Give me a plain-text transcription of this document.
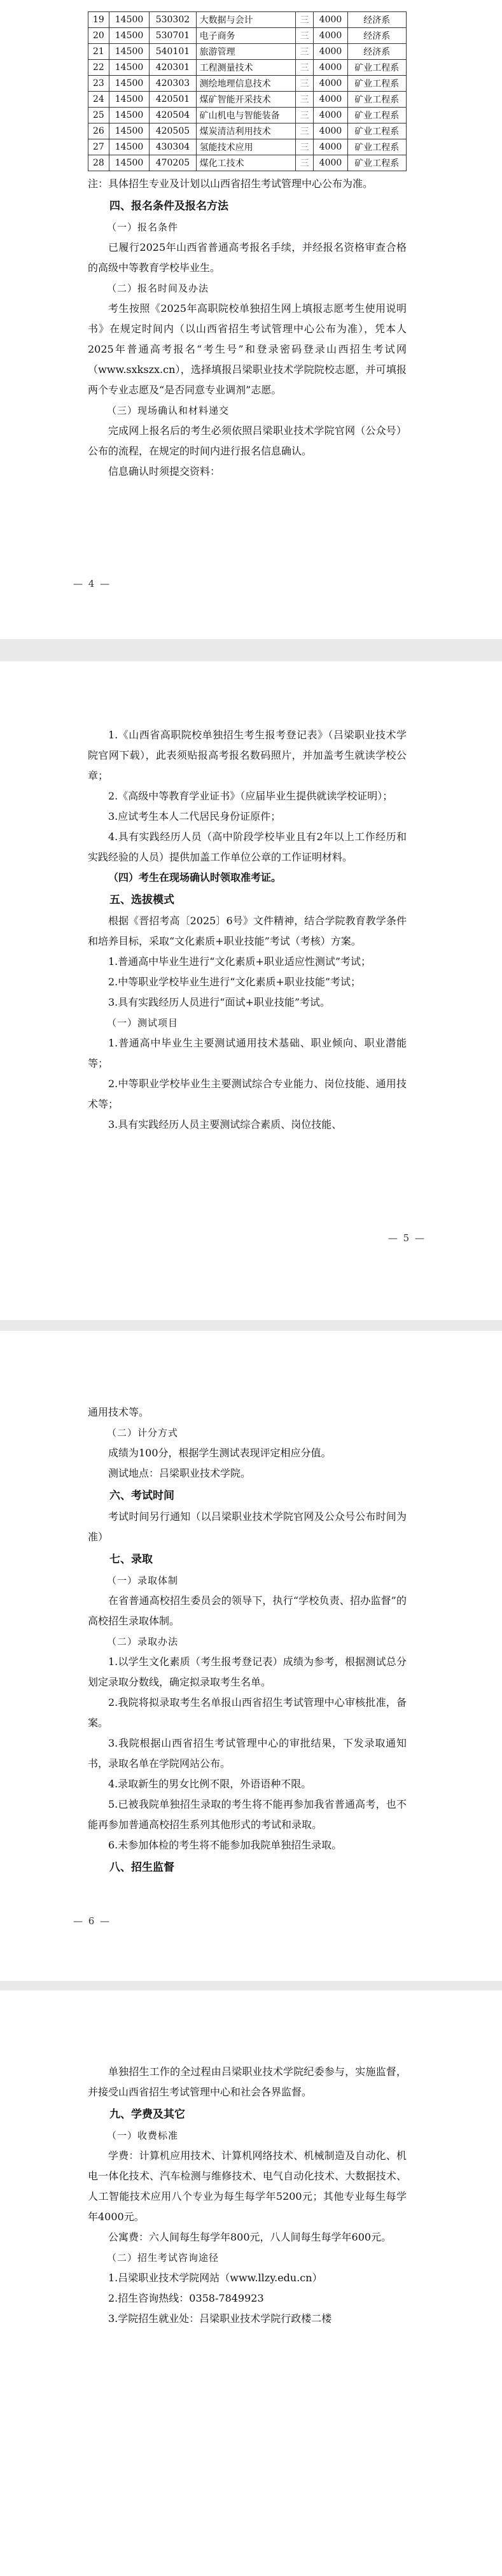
19	14500	530302	大数据与会计	三	4000	经济系
20	14500	530701	电子商务	三	4000	经济系
21	14500	540101	旅游管理	三	4000	经济系
22	14500	420301	工程测量技术	三	4000	矿业工程系
23	14500	420303	测绘地理信息技术	三	4000	矿业工程系
24	14500	420501	煤矿智能开采技术	三	4000	矿业工程系
25	14500	420504	矿山机电与智能装备	三	4000	矿业工程系
26	14500	420505	煤炭清洁利用技术	三	4000	矿业工程系
27	14500	430304	氢能技术应用	三	4000	矿业工程系
28	14500	470205	煤化工技术	三	4000	矿业工程系

注：具体招生专业及计划以山西省招生考试管理中心公布为准。

四、报名条件及报名方法

（一）报名条件

已履行2025年山西省普通高考报名手续，并经报名资格审查合格的高级中等教育学校毕业生。

（二）报名时间及办法

考生按照《2025年高职院校单独招生网上填报志愿考生使用说明书》在规定时间内（以山西省招生考试管理中心公布为准），凭本人2025年普通高考报名“考生号”和登录密码登录山西招生考试网（www.sxkszx.cn），选择填报吕梁职业技术学院院校志愿，并可填报两个专业志愿及“是否同意专业调剂”志愿。

（三）现场确认和材料递交

完成网上报名后的考生必须依照吕梁职业技术学院官网（公众号）公布的流程，在规定的时间内进行报名信息确认。

信息确认时须提交资料：

— 4 —

1.《山西省高职院校单独招生考生报考登记表》（吕梁职业技术学院官网下载），此表须贴报高考报名数码照片，并加盖考生就读学校公章；

2.《高级中等教育学业证书》（应届毕业生提供就读学校证明）；

3.应试考生本人二代居民身份证原件；

4.具有实践经历人员（高中阶段学校毕业且有2年以上工作经历和实践经验的人员）提供加盖工作单位公章的工作证明材料。

（四）考生在现场确认时领取准考证。

五、选拔模式

根据《晋招考高〔2025〕6号》文件精神，结合学院教育教学条件和培养目标，采取“文化素质+职业技能”考试（考核）方案。

1.普通高中毕业生进行“文化素质+职业适应性测试”考试；

2.中等职业学校毕业生进行“文化素质+职业技能”考试；

3.具有实践经历人员进行“面试+职业技能”考试。

（一）测试项目

1.普通高中毕业生主要测试通用技术基础、职业倾向、职业潜能等；

2.中等职业学校毕业生主要测试综合专业能力、岗位技能、通用技术等；

3.具有实践经历人员主要测试综合素质、岗位技能、

— 5 —

通用技术等。

（二）计分方式

成绩为100分，根据学生测试表现评定相应分值。

测试地点：吕梁职业技术学院。

六、考试时间

考试时间另行通知（以吕梁职业技术学院官网及公众号公布时间为准）

七、录取

（一）录取体制

在省普通高校招生委员会的领导下，执行“学校负责、招办监督”的高校招生录取体制。

（二）录取办法

1.以学生文化素质（考生报考登记表）成绩为参考，根据测试总分划定录取分数线，确定拟录取考生名单。

2.我院将拟录取考生名单报山西省招生考试管理中心审核批准，备案。

3.我院根据山西省招生考试管理中心的审批结果，下发录取通知书，录取名单在学院网站公布。

4.录取新生的男女比例不限，外语语种不限。

5.已被我院单独招生录取的考生将不能再参加我省普通高考，也不能再参加普通高校招生系列其他形式的考试和录取。

6.未参加体检的考生将不能参加我院单独招生录取。

八、招生监督

— 6 —

单独招生工作的全过程由吕梁职业技术学院纪委参与，实施监督，并接受山西省招生考试管理中心和社会各界监督。

九、学费及其它

（一）收费标准

学费：计算机应用技术、计算机网络技术、机械制造及自动化、机电一体化技术、汽车检测与维修技术、电气自动化技术、大数据技术、人工智能技术应用八个专业为每生每学年5200元；其他专业每生每学年4000元。

公寓费：六人间每生每学年800元，八人间每生每学年600元。

（二）招生考试咨询途径

1.吕梁职业技术学院网站（www.llzy.edu.cn）

2.招生咨询热线：0358-7849923

3.学院招生就业处：吕梁职业技术学院行政楼二楼
